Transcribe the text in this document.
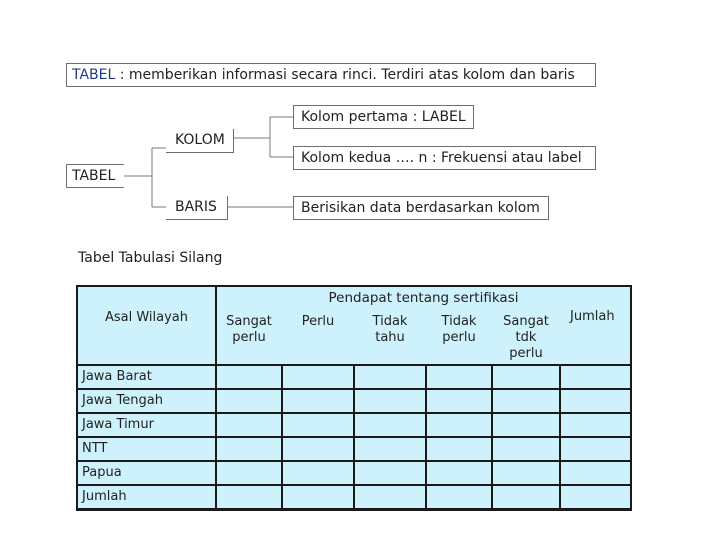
TABEL : memberikan informasi secara rinci. Terdiri atas kolom dan baris
TABEL
KOLOM
BARIS
Kolom pertama : LABEL
Kolom kedua …. n : Frekuensi atau label
Berisikan data berdasarkan kolom
Tabel Tabulasi Silang
Asal Wilayah
Pendapat tentang sertifikasi
Sangat
perlu
Perlu	Tidak
tahu
Tidak
perlu
Sangat
tdk
perlu
Jawa Barat
Jawa Tengah
Jawa Timur
NTT
Papua
Jumlah
Jumlah
